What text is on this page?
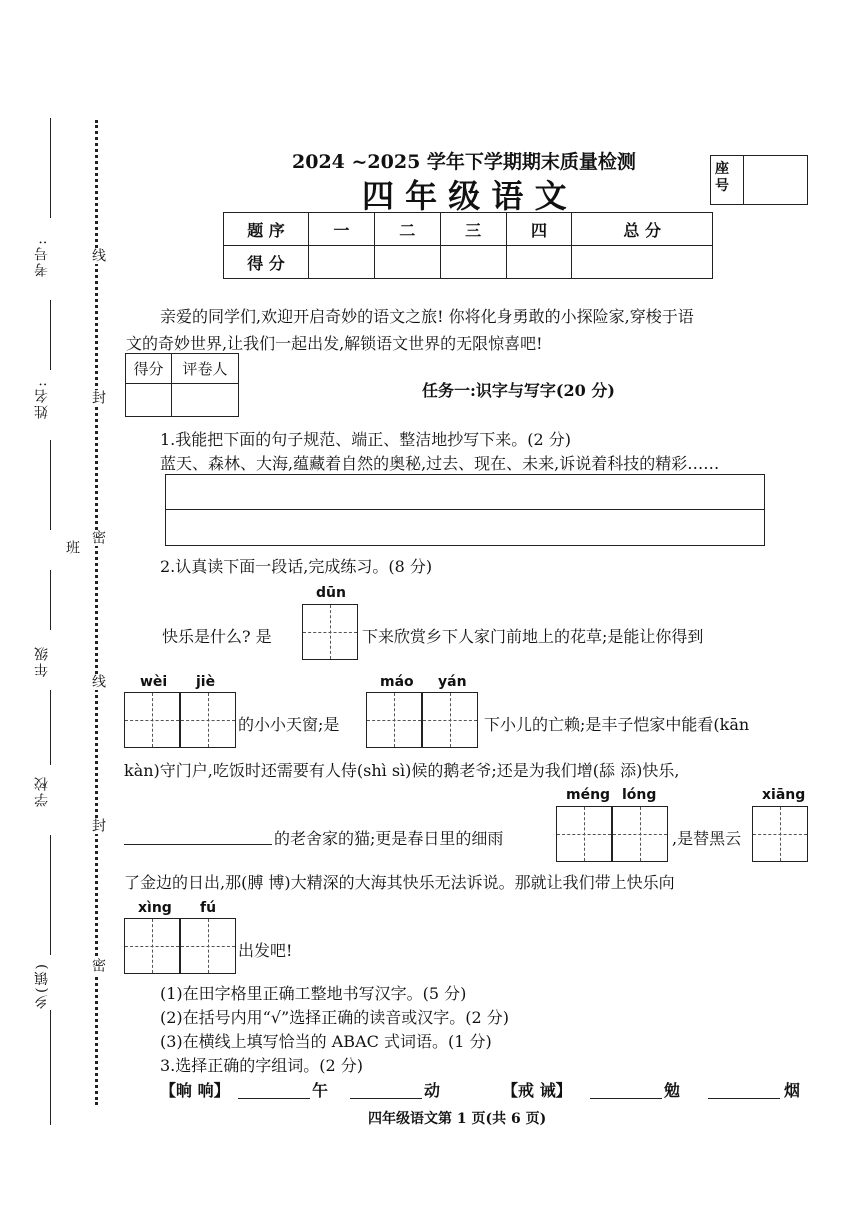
考号:
姓名:
班
年级
学校
乡(镇)
线
封
密
线
封
密
2024 ~2025 学年下学期期末质量检测
四 年 级 语 文
座号
题 序	一	二	三	四	总 分
得 分					
亲爱的同学们,欢迎开启奇妙的语文之旅! 你将化身勇敢的小探险家,穿梭于语
文的奇妙世界,让我们一起出发,解锁语文世界的无限惊喜吧!
得分	评卷人

任务一:识字与写字(20 分)
1.我能把下面的句子规范、端正、整洁地抄写下来。(2 分)
蓝天、森林、大海,蕴藏着自然的奥秘,过去、现在、未来,诉说着科技的精彩……
2.认真读下面一段话,完成练习。(8 分)
dūn
快乐是什么? 是	下来欣赏乡下人家门前地上的花草;是能让你得到
wèi jiè
的小小天窗;是
máo yán
下小儿的亡赖;是丰子恺家中能看(kān
kàn)守门户,吃饭时还需要有人侍(shì sì)候的鹅老爷;还是为我们增(舔 添)快乐,
méng lóng	xiāng
的老舍家的猫;更是春日里的细雨	,是替黑云
了金边的日出,那(膊 博)大精深的大海其快乐无法诉说。那就让我们带上快乐向
xìng fú
出发吧!
(1)在田字格里正确工整地书写汉字。(5 分)
(2)在括号内用“√”选择正确的读音或汉字。(2 分)
(3)在横线上填写恰当的 ABAC 式词语。(1 分)
3.选择正确的字组词。(2 分)
【晌 响】	午	动	【戒 诫】	勉	烟
四年级语文第 1 页(共 6 页)
